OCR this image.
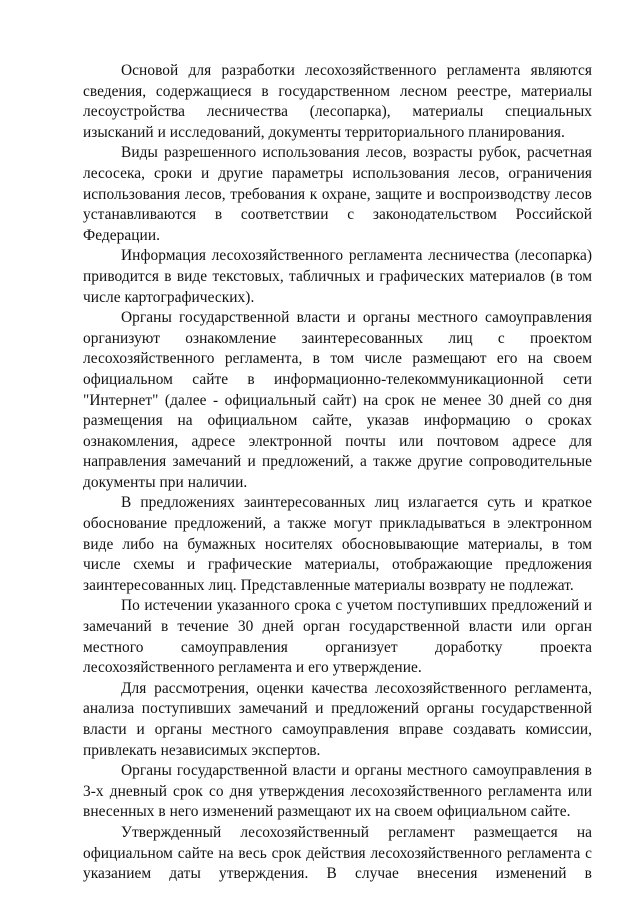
Основой для разработки лесохозяйственного регламента являются сведения, содержащиеся в государственном лесном реестре, материалы лесоустройства лесничества (лесопарка), материалы специальных изысканий и исследований, документы территориального планирования.

Виды разрешенного использования лесов, возрасты рубок, расчетная лесосека, сроки и другие параметры использования лесов, ограничения использования лесов, требования к охране, защите и воспроизводству лесов устанавливаются в соответствии с законодательством Российской Федерации.

Информация лесохозяйственного регламента лесничества (лесопарка) приводится в виде текстовых, табличных и графических материалов (в том числе картографических).

Органы государственной власти и органы местного самоуправления организуют ознакомление заинтересованных лиц с проектом лесохозяйственного регламента, в том числе размещают его на своем официальном сайте в информационно-телекоммуникационной сети "Интернет" (далее - официальный сайт) на срок не менее 30 дней со дня размещения на официальном сайте, указав информацию о сроках ознакомления, адресе электронной почты или почтовом адресе для направления замечаний и предложений, а также другие сопроводительные документы при наличии.

В предложениях заинтересованных лиц излагается суть и краткое обоснование предложений, а также могут прикладываться в электронном виде либо на бумажных носителях обосновывающие материалы, в том числе схемы и графические материалы, отображающие предложения заинтересованных лиц. Представленные материалы возврату не подлежат.

По истечении указанного срока с учетом поступивших предложений и замечаний в течение 30 дней орган государственной власти или орган местного самоуправления организует доработку проекта лесохозяйственного регламента и его утверждение.

Для рассмотрения, оценки качества лесохозяйственного регламента, анализа поступивших замечаний и предложений органы государственной власти и органы местного самоуправления вправе создавать комиссии, привлекать независимых экспертов.

Органы государственной власти и органы местного самоуправления в 3-х дневный срок со дня утверждения лесохозяйственного регламента или внесенных в него изменений размещают их на своем официальном сайте.

Утвержденный лесохозяйственный регламент размещается на официальном сайте на весь срок действия лесохозяйственного регламента с указанием даты утверждения. В случае внесения изменений в
